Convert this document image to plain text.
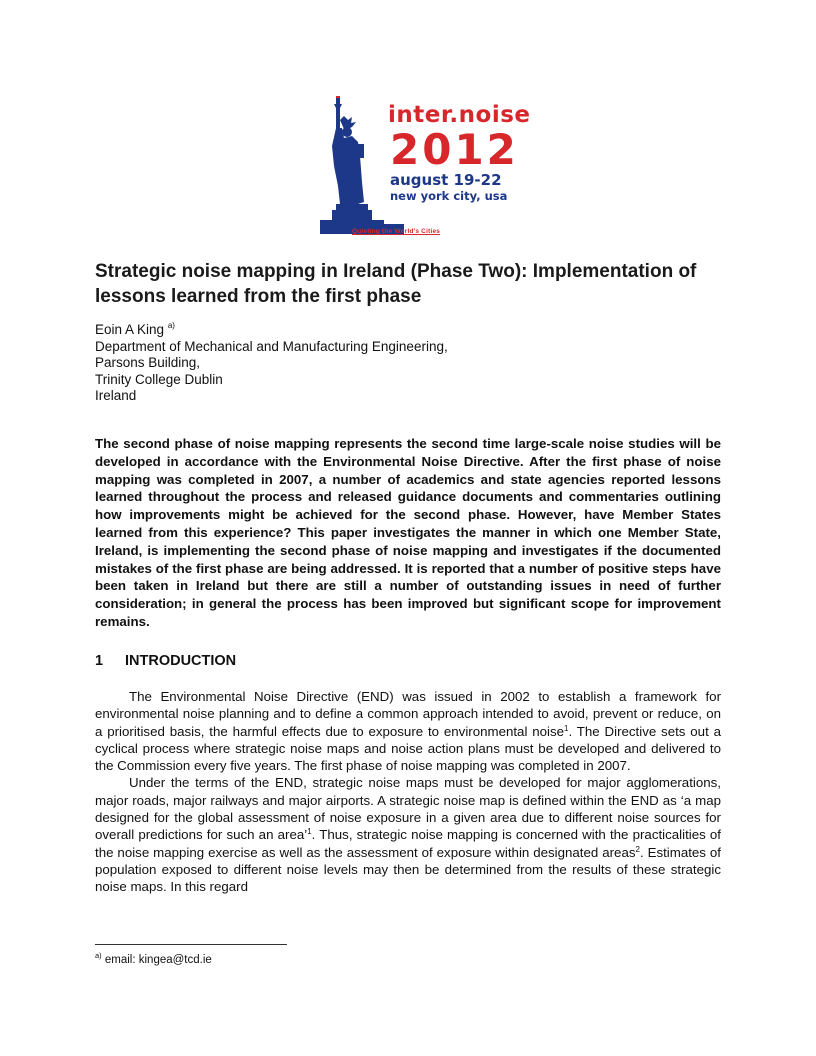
inter.noise
2012
august 19-22
new york city, usa
Quieting the World's Cities
Strategic noise mapping in Ireland (Phase Two): Implementation of lessons learned from the first phase
Eoin A King $^{a)}$
Department of Mechanical and Manufacturing Engineering,
Parsons Building,
Trinity College Dublin
Ireland

The second phase of noise mapping represents the second time large-scale noise studies will be developed in accordance with the Environmental Noise Directive. After the first phase of noise mapping was completed in 2007, a number of academics and state agencies reported lessons learned throughout the process and released guidance documents and commentaries outlining how improvements might be achieved for the second phase. However, have Member States learned from this experience? This paper investigates the manner in which one Member State, Ireland, is implementing the second phase of noise mapping and investigates if the documented mistakes of the first phase are being addressed. It is reported that a number of positive steps have been taken in Ireland but there are still a number of outstanding issues in need of further consideration; in general the process has been improved but significant scope for improvement remains.

1 INTRODUCTION

The Environmental Noise Directive (END) was issued in 2002 to establish a framework for environmental noise planning and to define a common approach intended to avoid, prevent or reduce, on a prioritised basis, the harmful effects due to exposure to environmental noise$^1$. The Directive sets out a cyclical process where strategic noise maps and noise action plans must be developed and delivered to the Commission every five years. The first phase of noise mapping was completed in 2007.

Under the terms of the END, strategic noise maps must be developed for major agglomerations, major roads, major railways and major airports. A strategic noise map is defined within the END as ‘a map designed for the global assessment of noise exposure in a given area due to different noise sources for overall predictions for such an area’$^1$. Thus, strategic noise mapping is concerned with the practicalities of the noise mapping exercise as well as the assessment of exposure within designated areas$^2$. Estimates of population exposed to different noise levels may then be determined from the results of these strategic noise maps. In this regard

$^{a)}$ email: kingea@tcd.ie
